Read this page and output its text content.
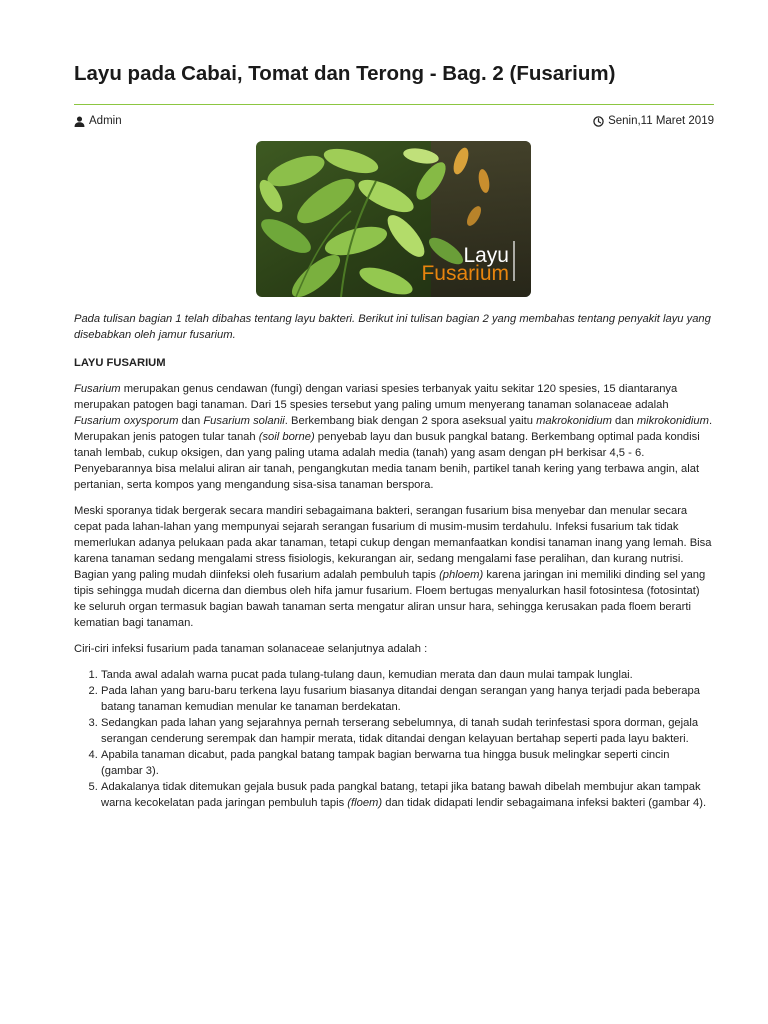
Layu pada Cabai, Tomat dan Terong - Bag. 2 (Fusarium)
Admin	Senin,11 Maret 2019
Layu
Fusarium

Pada tulisan bagian 1 telah dibahas tentang layu bakteri. Berikut ini tulisan bagian 2 yang membahas tentang penyakit layu yang disebabkan oleh jamur fusarium.

LAYU FUSARIUM

Fusarium merupakan genus cendawan (fungi) dengan variasi spesies terbanyak yaitu sekitar 120 spesies, 15 diantaranya merupakan patogen bagi tanaman. Dari 15 spesies tersebut yang paling umum menyerang tanaman solanaceae adalah Fusarium oxysporum dan Fusarium solanii. Berkembang biak dengan 2 spora aseksual yaitu makrokonidium dan mikrokonidium. Merupakan jenis patogen tular tanah (soil borne) penyebab layu dan busuk pangkal batang. Berkembang optimal pada kondisi tanah lembab, cukup oksigen, dan yang paling utama adalah media (tanah) yang asam dengan pH berkisar 4,5 - 6. Penyebarannya bisa melalui aliran air tanah, pengangkutan media tanam benih, partikel tanah kering yang terbawa angin, alat pertanian, serta kompos yang mengandung sisa-sisa tanaman berspora.

Meski sporanya tidak bergerak secara mandiri sebagaimana bakteri, serangan fusarium bisa menyebar dan menular secara cepat pada lahan-lahan yang mempunyai sejarah serangan fusarium di musim-musim terdahulu. Infeksi fusarium tak tidak memerlukan adanya pelukaan pada akar tanaman, tetapi cukup dengan memanfaatkan kondisi tanaman inang yang lemah. Bisa karena tanaman sedang mengalami stress fisiologis, kekurangan air, sedang mengalami fase peralihan, dan kurang nutrisi. Bagian yang paling mudah diinfeksi oleh fusarium adalah pembuluh tapis (phloem) karena jaringan ini memiliki dinding sel yang tipis sehingga mudah dicerna dan diembus oleh hifa jamur fusarium. Floem bertugas menyalurkan hasil fotosintesa (fotosintat) ke seluruh organ termasuk bagian bawah tanaman serta mengatur aliran unsur hara, sehingga kerusakan pada floem berarti kematian bagi tanaman.

Ciri-ciri infeksi fusarium pada tanaman solanaceae selanjutnya adalah :

1. Tanda awal adalah warna pucat pada tulang-tulang daun, kemudian merata dan daun mulai tampak lunglai.
2. Pada lahan yang baru-baru terkena layu fusarium biasanya ditandai dengan serangan yang hanya terjadi pada beberapa batang tanaman kemudian menular ke tanaman berdekatan.
3. Sedangkan pada lahan yang sejarahnya pernah terserang sebelumnya, di tanah sudah terinfestasi spora dorman, gejala serangan cenderung serempak dan hampir merata, tidak ditandai dengan kelayuan bertahap seperti pada layu bakteri.
4. Apabila tanaman dicabut, pada pangkal batang tampak bagian berwarna tua hingga busuk melingkar seperti cincin (gambar 3).
5. Adakalanya tidak ditemukan gejala busuk pada pangkal batang, tetapi jika batang bawah dibelah membujur akan tampak warna kecokelatan pada jaringan pembuluh tapis (floem) dan tidak didapati lendir sebagaimana infeksi bakteri (gambar 4).
